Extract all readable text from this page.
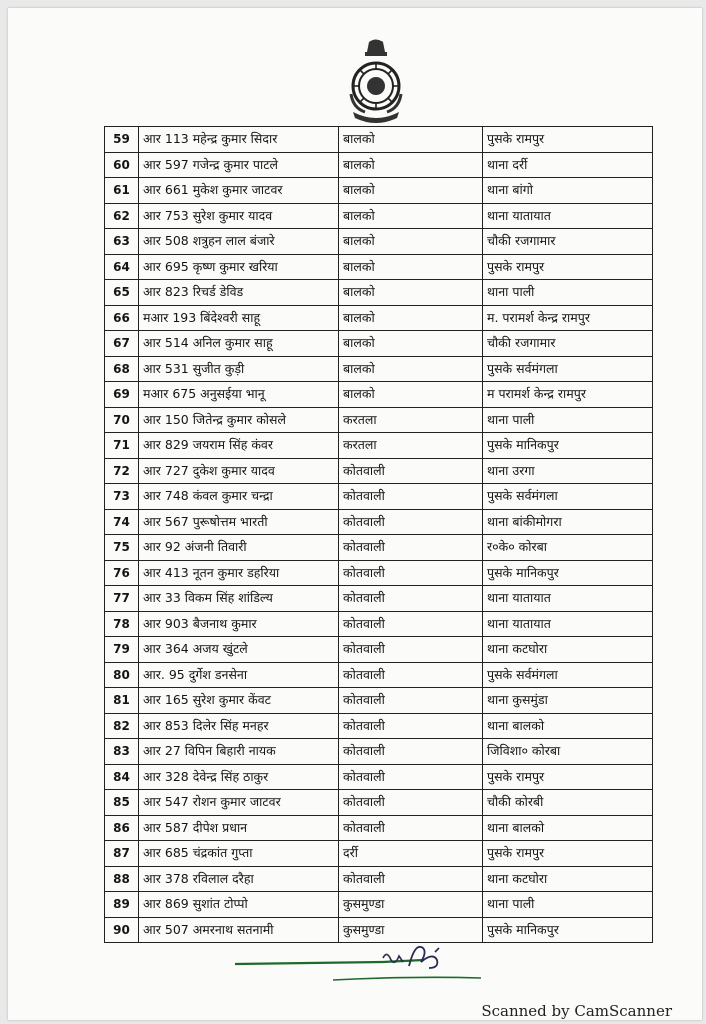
59	आर 113 महेन्द्र कुमार सिदार	बालको	पुसके रामपुर
60	आर 597 गजेन्द्र कुमार पाटले	बालको	थाना दर्री
61	आर 661 मुकेश कुमार जाटवर	बालको	थाना बांगो
62	आर 753 सुरेश कुमार यादव	बालको	थाना यातायात
63	आर 508 शत्रुहन लाल बंजारे	बालको	चौकी रजगामार
64	आर 695 कृष्ण कुमार खरिया	बालको	पुसके रामपुर
65	आर 823 रिचर्ड डेविड	बालको	थाना पाली
66	मआर 193 बिंदेश्वरी साहू	बालको	म. परामर्श केन्द्र रामपुर
67	आर 514 अनिल कुमार साहू	बालको	चौकी रजगामार
68	आर 531 सुजीत कुड़ी	बालको	पुसके सर्वमंगला
69	मआर 675 अनुसईया भानू	बालको	म परामर्श केन्द्र रामपुर
70	आर 150 जितेन्द्र कुमार कोसले	करतला	थाना पाली
71	आर 829 जयराम सिंह कंवर	करतला	पुसके मानिकपुर
72	आर 727 दुकेश कुमार यादव	कोतवाली	थाना उरगा
73	आर 748 कंवल कुमार चन्द्रा	कोतवाली	पुसके सर्वमंगला
74	आर 567 पुरूषोत्तम भारती	कोतवाली	थाना बांकीमोगरा
75	आर 92 अंजनी तिवारी	कोतवाली	र०के० कोरबा
76	आर 413 नूतन कुमार डहरिया	कोतवाली	पुसके मानिकपुर
77	आर 33 विकम सिंह शांडिल्य	कोतवाली	थाना यातायात
78	आर 903 बैजनाथ कुमार	कोतवाली	थाना यातायात
79	आर 364 अजय खुंटले	कोतवाली	थाना कटघोरा
80	आर. 95 दुर्गेश डनसेना	कोतवाली	पुसके सर्वमंगला
81	आर 165 सुरेश कुमार केंवट	कोतवाली	थाना कुसमुंडा
82	आर 853 दिलेर सिंह मनहर	कोतवाली	थाना बालको
83	आर 27 विपिन बिहारी नायक	कोतवाली	जिविशा० कोरबा
84	आर 328 देवेन्द्र सिंह ठाकुर	कोतवाली	पुसके रामपुर
85	आर 547 रोशन कुमार जाटवर	कोतवाली	चौकी कोरबी
86	आर 587 दीपेश प्रधान	कोतवाली	थाना बालको
87	आर 685 चंद्रकांत गुप्ता	दर्री	पुसके रामपुर
88	आर 378 रविलाल दरैहा	कोतवाली	थाना कटघोरा
89	आर 869 सुशांत टोप्पो	कुसमुण्डा	थाना पाली
90	आर 507 अमरनाथ सतनामी	कुसमुण्डा	पुसके मानिकपुर
Scanned by CamScanner
